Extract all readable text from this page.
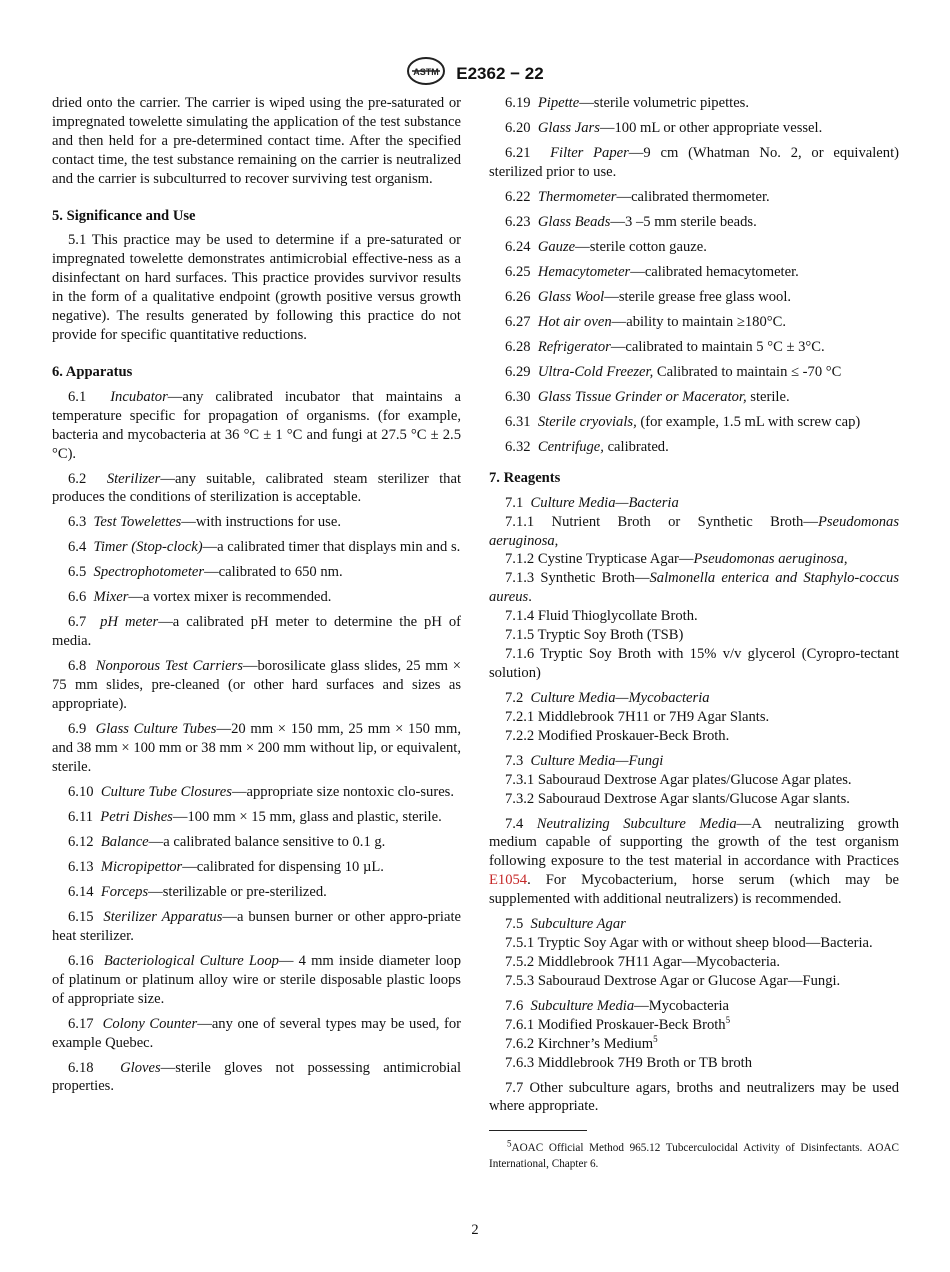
ASTM E2362 − 22

dried onto the carrier. The carrier is wiped using the pre-saturated or impregnated towelette simulating the application of the test substance and then held for a pre-determined contact time. After the specified contact time, the test substance remaining on the carrier is neutralized and the carrier is subculturred to recover surviving test organism.

5. Significance and Use

5.1 This practice may be used to determine if a pre-saturated or impregnated towelette demonstrates antimicrobial effective-ness as a disinfectant on hard surfaces. This practice provides survivor results in the form of a qualitative endpoint (growth positive versus growth negative). The results generated by following this practice do not provide for specific quantitative reductions.

6. Apparatus

6.1 Incubator—any calibrated incubator that maintains a temperature specific for propagation of organisms. (for example, bacteria and mycobacteria at 36 °C ± 1 °C and fungi at 27.5 °C ± 2.5 °C).

6.2 Sterilizer—any suitable, calibrated steam sterilizer that produces the conditions of sterilization is acceptable.

6.3 Test Towelettes—with instructions for use.

6.4 Timer (Stop-clock)—a calibrated timer that displays min and s.

6.5 Spectrophotometer—calibrated to 650 nm.

6.6 Mixer—a vortex mixer is recommended.

6.7 pH meter—a calibrated pH meter to determine the pH of media.

6.8 Nonporous Test Carriers—borosilicate glass slides, 25 mm × 75 mm slides, pre-cleaned (or other hard surfaces and sizes as appropriate).

6.9 Glass Culture Tubes—20 mm × 150 mm, 25 mm × 150 mm, and 38 mm × 100 mm or 38 mm × 200 mm without lip, or equivalent, sterile.

6.10 Culture Tube Closures—appropriate size nontoxic clo-sures.

6.11 Petri Dishes—100 mm × 15 mm, glass and plastic, sterile.

6.12 Balance—a calibrated balance sensitive to 0.1 g.

6.13 Micropipettor—calibrated for dispensing 10 µL.

6.14 Forceps—sterilizable or pre-sterilized.

6.15 Sterilizer Apparatus—a bunsen burner or other appro-priate heat sterilizer.

6.16 Bacteriological Culture Loop— 4 mm inside diameter loop of platinum or platinum alloy wire or sterile disposable plastic loops of appropriate size.

6.17 Colony Counter—any one of several types may be used, for example Quebec.

6.18 Gloves—sterile gloves not possessing antimicrobial properties.

6.19 Pipette—sterile volumetric pipettes.

6.20 Glass Jars—100 mL or other appropriate vessel.

6.21 Filter Paper—9 cm (Whatman No. 2, or equivalent) sterilized prior to use.

6.22 Thermometer—calibrated thermometer.

6.23 Glass Beads—3 –5 mm sterile beads.

6.24 Gauze—sterile cotton gauze.

6.25 Hemacytometer—calibrated hemacytometer.

6.26 Glass Wool—sterile grease free glass wool.

6.27 Hot air oven—ability to maintain ≥180°C.

6.28 Refrigerator—calibrated to maintain 5 °C ± 3°C.

6.29 Ultra-Cold Freezer, Calibrated to maintain ≤ -70 °C

6.30 Glass Tissue Grinder or Macerator, sterile.

6.31 Sterile cryovials, (for example, 1.5 mL with screw cap)

6.32 Centrifuge, calibrated.

7. Reagents

7.1 Culture Media—Bacteria

7.1.1 Nutrient Broth or Synthetic Broth—Pseudomonas aeruginosa,

7.1.2 Cystine Trypticase Agar—Pseudomonas aeruginosa,

7.1.3 Synthetic Broth—Salmonella enterica and Staphylo-coccus aureus.

7.1.4 Fluid Thioglycollate Broth.

7.1.5 Tryptic Soy Broth (TSB)

7.1.6 Tryptic Soy Broth with 15% v/v glycerol (Cyropro-tectant solution)

7.2 Culture Media—Mycobacteria

7.2.1 Middlebrook 7H11 or 7H9 Agar Slants.

7.2.2 Modified Proskauer-Beck Broth.

7.3 Culture Media—Fungi

7.3.1 Sabouraud Dextrose Agar plates/Glucose Agar plates.

7.3.2 Sabouraud Dextrose Agar slants/Glucose Agar slants.

7.4 Neutralizing Subculture Media—A neutralizing growth medium capable of supporting the growth of the test organism following exposure to the test material in accordance with Practices E1054. For Mycobacterium, horse serum (which may be supplemented with additional neutralizers) is recommended.

7.5 Subculture Agar

7.5.1 Tryptic Soy Agar with or without sheep blood—Bacteria.

7.5.2 Middlebrook 7H11 Agar—Mycobacteria.

7.5.3 Sabouraud Dextrose Agar or Glucose Agar—Fungi.

7.6 Subculture Media—Mycobacteria

7.6.1 Modified Proskauer-Beck Broth$^5$

7.6.2 Kirchner’s Medium$^5$

7.6.3 Middlebrook 7H9 Broth or TB broth

7.7 Other subculture agars, broths and neutralizers may be used where appropriate.

$^5$AOAC Official Method 965.12 Tubcerculocidal Activity of Disinfectants. AOAC International, Chapter 6.

2
